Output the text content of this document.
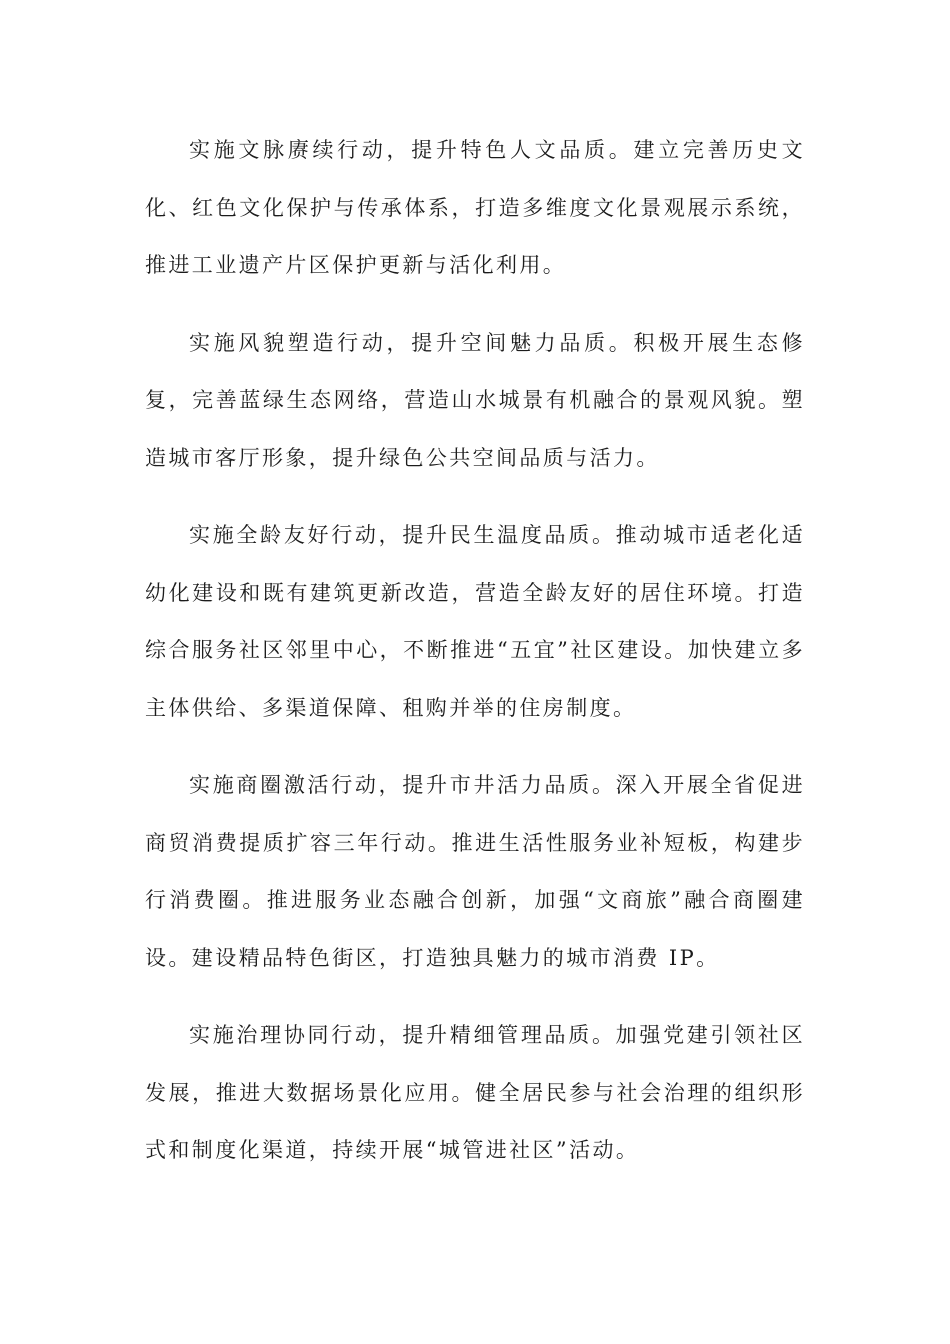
实施文脉赓续行动，提升特色人文品质。建立完善历史文化、红色文化保护与传承体系，打造多维度文化景观展示系统，推进工业遗产片区保护更新与活化利用。

实施风貌塑造行动，提升空间魅力品质。积极开展生态修复，完善蓝绿生态网络，营造山水城景有机融合的景观风貌。塑造城市客厅形象，提升绿色公共空间品质与活力。

实施全龄友好行动，提升民生温度品质。推动城市适老化适幼化建设和既有建筑更新改造，营造全龄友好的居住环境。打造综合服务社区邻里中心，不断推进“五宜”社区建设。加快建立多主体供给、多渠道保障、租购并举的住房制度。

实施商圈激活行动，提升市井活力品质。深入开展全省促进商贸消费提质扩容三年行动。推进生活性服务业补短板，构建步行消费圈。推进服务业态融合创新，加强“文商旅”融合商圈建设。建设精品特色街区，打造独具魅力的城市消费 IP。

实施治理协同行动，提升精细管理品质。加强党建引领社区发展，推进大数据场景化应用。健全居民参与社会治理的组织形式和制度化渠道，持续开展“城管进社区”活动。
